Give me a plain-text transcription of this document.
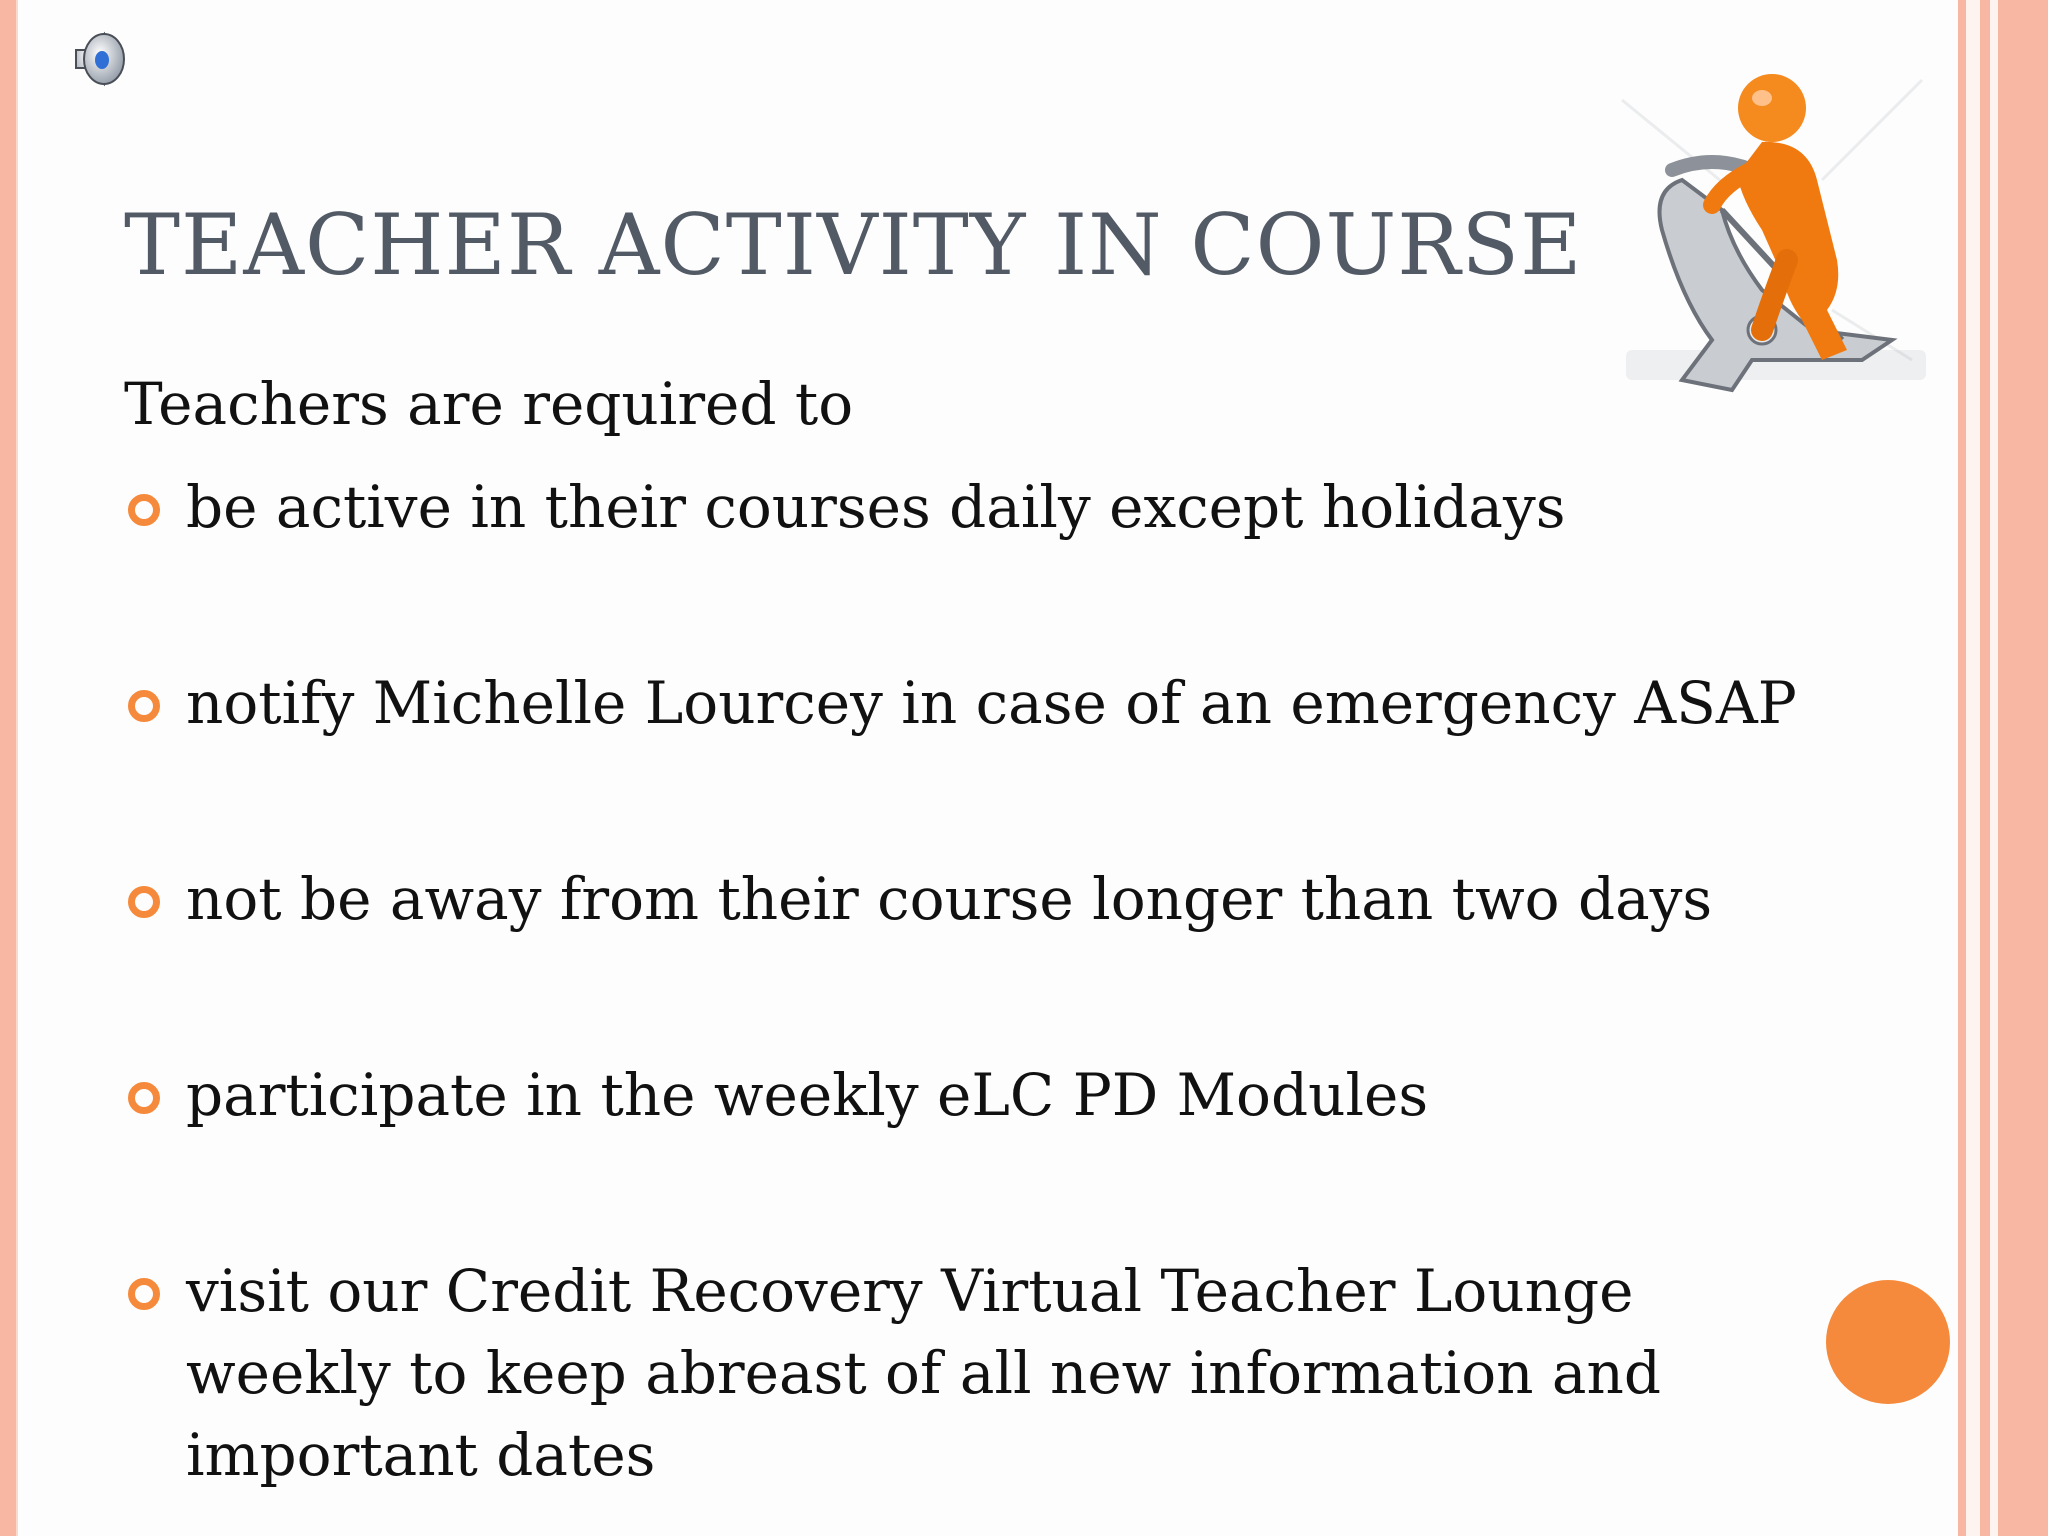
TEACHER ACTIVITY IN COURSE
Teachers are required to
be active in their courses daily except holidays
notify Michelle Lourcey in case of an emergency ASAP
not be away from their course longer than two days
participate in the weekly eLC PD Modules
visit our Credit Recovery Virtual Teacher Lounge
weekly to keep abreast of all new information and
important dates
